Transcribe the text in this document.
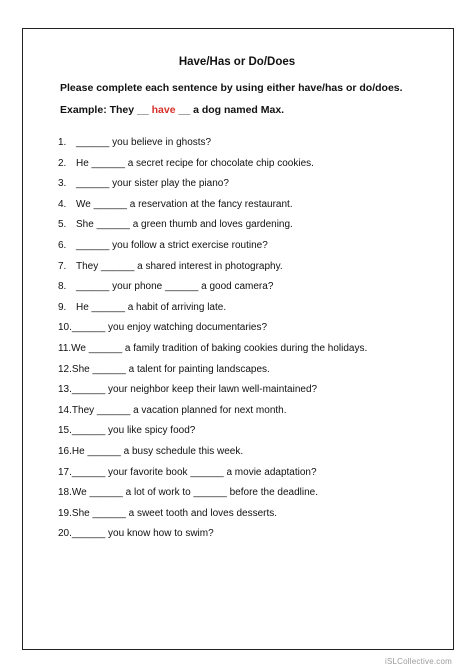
Have/Has or Do/Does
Please complete each sentence by using either have/has or do/does.
Example: They __ have __ a dog named Max.
1. ______ you believe in ghosts?
2. He ______ a secret recipe for chocolate chip cookies.
3. ______ your sister play the piano?
4. We ______ a reservation at the fancy restaurant.
5. She ______ a green thumb and loves gardening.
6. ______ you follow a strict exercise routine?
7. They ______ a shared interest in photography.
8. ______ your phone ______ a good camera?
9. He ______ a habit of arriving late.
10. ______ you enjoy watching documentaries?
11. We ______ a family tradition of baking cookies during the holidays.
12. She ______ a talent for painting landscapes.
13. ______ your neighbor keep their lawn well-maintained?
14. They ______ a vacation planned for next month.
15. ______ you like spicy food?
16. He ______ a busy schedule this week.
17. ______ your favorite book ______ a movie adaptation?
18. We ______ a lot of work to ______ before the deadline.
19. She ______ a sweet tooth and loves desserts.
20. ______ you know how to swim?
iSLCollective.com
